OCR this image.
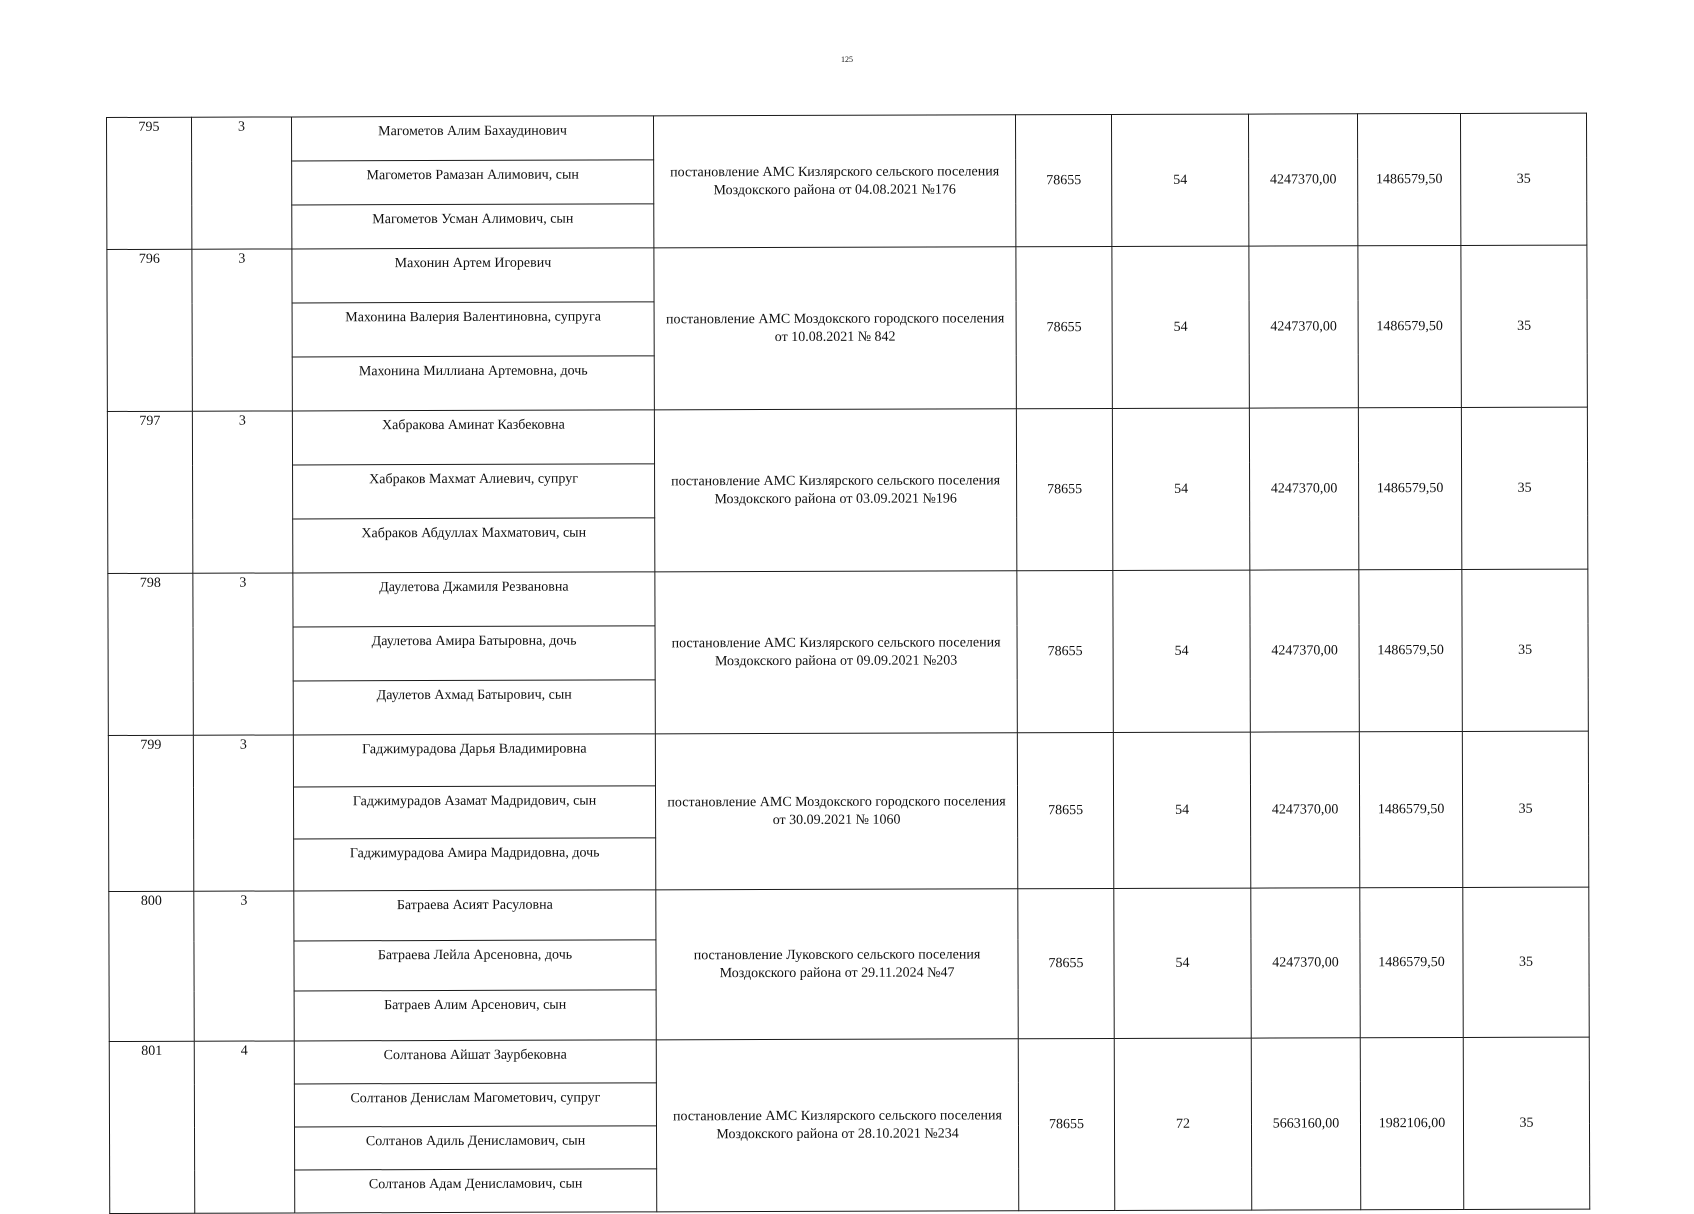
125
795	3	Магометов Алим Бахаудинович	постановление АМС Кизлярского сельского поселения Моздокского района от 04.08.2021 №176	78655	54	4247370,00	1486579,50	35
		Магометов Рамазан Алимович, сын						
		Магометов Усман Алимович, сын						
796	3	Махонин Артем Игоревич	постановление АМС Моздокского городского поселения от 10.08.2021 № 842	78655	54	4247370,00	1486579,50	35
		Махонина Валерия Валентиновна, супруга						
		Махонина Миллиана Артемовна, дочь						
797	3	Хабракова Аминат Казбековна	постановление АМС Кизлярского сельского поселения Моздокского района от 03.09.2021 №196	78655	54	4247370,00	1486579,50	35
		Хабраков Махмат Алиевич, супруг						
		Хабраков Абдуллах Махматович, сын						
798	3	Даулетова Джамиля Резвановна	постановление АМС Кизлярского сельского поселения Моздокского района от 09.09.2021 №203	78655	54	4247370,00	1486579,50	35
		Даулетова Амира Батыровна, дочь						
		Даулетов Ахмад Батырович, сын						
799	3	Гаджимурадова Дарья Владимировна	постановление АМС Моздокского городского поселения от 30.09.2021 № 1060	78655	54	4247370,00	1486579,50	35
		Гаджимурадов Азамат Мадридович, сын						
		Гаджимурадова Амира Мадридовна, дочь						
800	3	Батраева Асият Расуловна	постановление Луковского сельского поселения Моздокского района от 29.11.2024 №47	78655	54	4247370,00	1486579,50	35
		Батраева Лейла Арсеновна, дочь						
		Батраев Алим Арсенович, сын						
801	4	Солтанова Айшат Заурбековна	постановление АМС Кизлярского сельского поселения Моздокского района от 28.10.2021 №234	78655	72	5663160,00	1982106,00	35
		Солтанов Денислам Магометович, супруг						
		Солтанов Адиль Денисламович, сын						
		Солтанов Адам Денисламович, сын						
